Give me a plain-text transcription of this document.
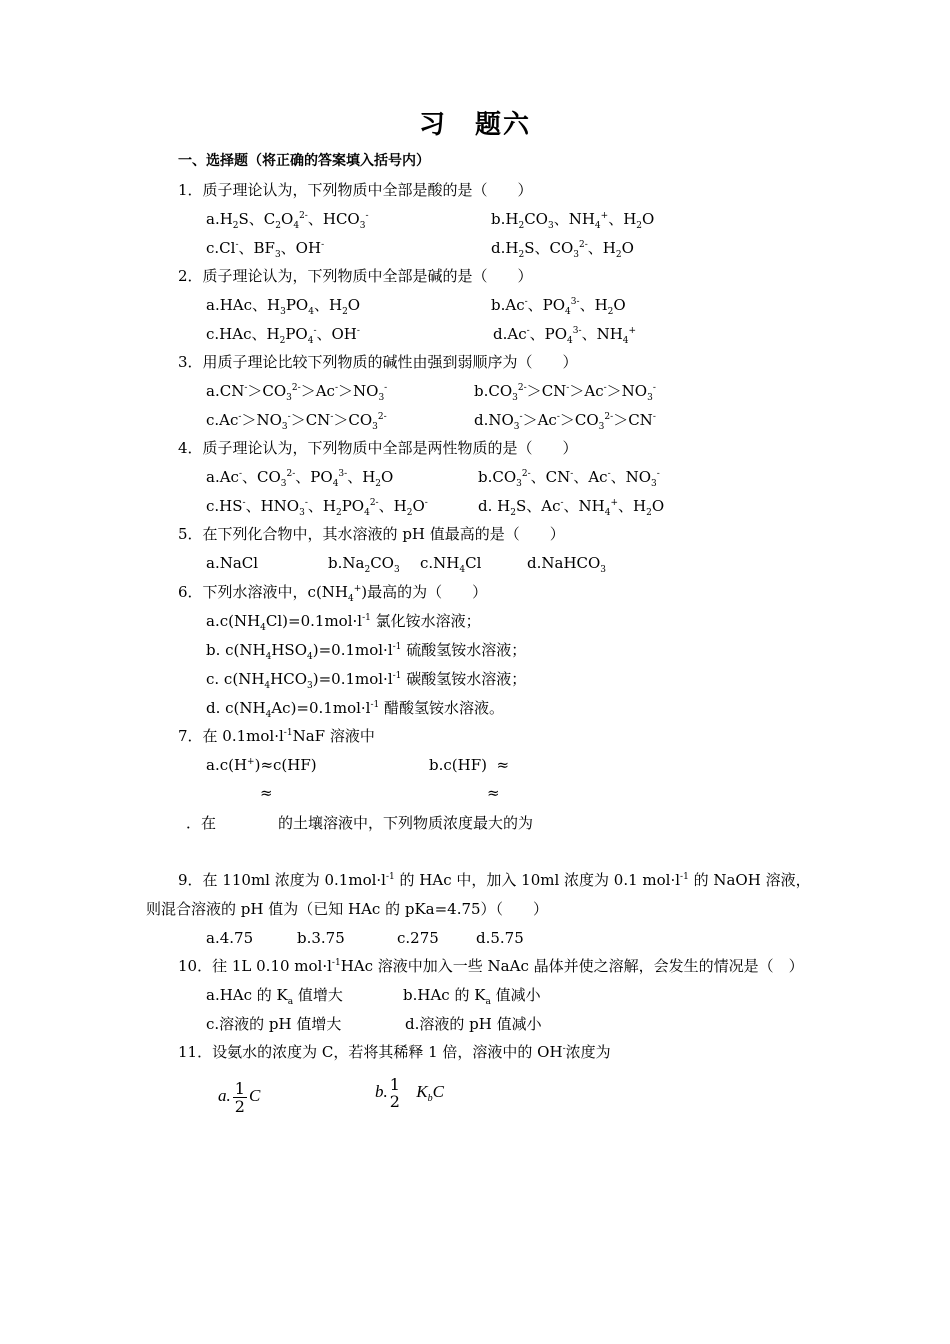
习　题六
一、选择题（将正确的答案填入括号内）
1．质子理论认为，下列物质中全部是酸的是（　　）
$a.H_2S$、$C_2O_4^{2-}$、$HCO_3^-$	$b.H_2CO_3$、$NH_4^+$、$H_2O$
c.Cl-、$BF_3$、OH-	$d.H_2S$、$CO_3^{2-}$、$H_2O$
2．质子理论认为，下列物质中全部是碱的是（　　）
a.HAc、$H_3PO_4$、$H_2O$	b.Ac-、$PO_4^{3-}$、$H_2O$
c.HAc、$H_2PO_4^-$、OH-	d.Ac-、$PO_4^{3-}$、$NH_4^+$
3．用质子理论比较下列物质的碱性由强到弱顺序为（　　）
$a.CN^->CO_3^{2-}>Ac^->NO_3^-$	$b.CO_3^{2-}>CN^->Ac^->NO_3^-$
$c.Ac^->NO_3^->CN^->CO_3^{2-}$	$d.NO_3^->Ac^->CO_3^{2-}>CN^-$
4．质子理论认为，下列物质中全部是两性物质的是（　　）
a.Ac-、$CO_3^{2-}$、$PO_4^{3-}$、$H_2O$	$b.CO_3^{2-}$、CN-、Ac-、$NO_3^-$
c.HS-、$HNO_3^-$、$H_2PO_4^{2-}$、$H_2O^-$	d. $H_2S$、Ac-、$NH_4^+$、$H_2O$
5．在下列化合物中，其水溶液的 pH 值最高的是（　　）
a.NaCl	$b.Na_2CO_3$ $c.NH_4Cl$	d.NaHCO$_3$
6．下列水溶液中，$c(NH_4^+)$最高的为（　　）
$a.c(NH_4Cl)=0.1mol\cdot l^{-1}$ 氯化铵水溶液；
b. $c(NH_4HSO_4)=0.1mol\cdot l^{-1}$ 硫酸氢铵水溶液；
c. $c(NH_4HCO_3)=0.1mol\cdot l^{-1}$ 碳酸氢铵水溶液；
d. $c(NH_4Ac)=0.1mol\cdot l^{-1}$ 醋酸氢铵水溶液。
7．在 $0.1mol\cdot l^{-1}NaF$ 溶液中
a.c(H+)≈c(HF)	b.c(HF) ≈
≈	≈
．在	的土壤溶液中，下列物质浓度最大的为
9．在 110ml 浓度为 $0.1mol\cdot l^{-1}$ 的 HAc 中，加入 10ml 浓度为 0.1 $mol\cdot l^{-1}$ 的 NaOH 溶液，
则混合溶液的 pH 值为（已知 HAc 的 pKa=4.75）（　　）
a.4.75	b.3.75	c.275 d.5.75
10．往 1L 0.10 $mol\cdot l^{-1}HAc$ 溶液中加入一些 NaAc 晶体并使之溶解，会发生的情况是（　）
a.HAc 的 $K_a$ 值增大	b.HAc 的 $K_a$ 值减小
c.溶液的 pH 值增大	d.溶液的 pH 值减小
11．设氨水的浓度为 C，若将其稀释 1 倍，溶液中的 OH-浓度为
a. $\frac{1}{2}$ C	b. 1
2
$K_bC$
